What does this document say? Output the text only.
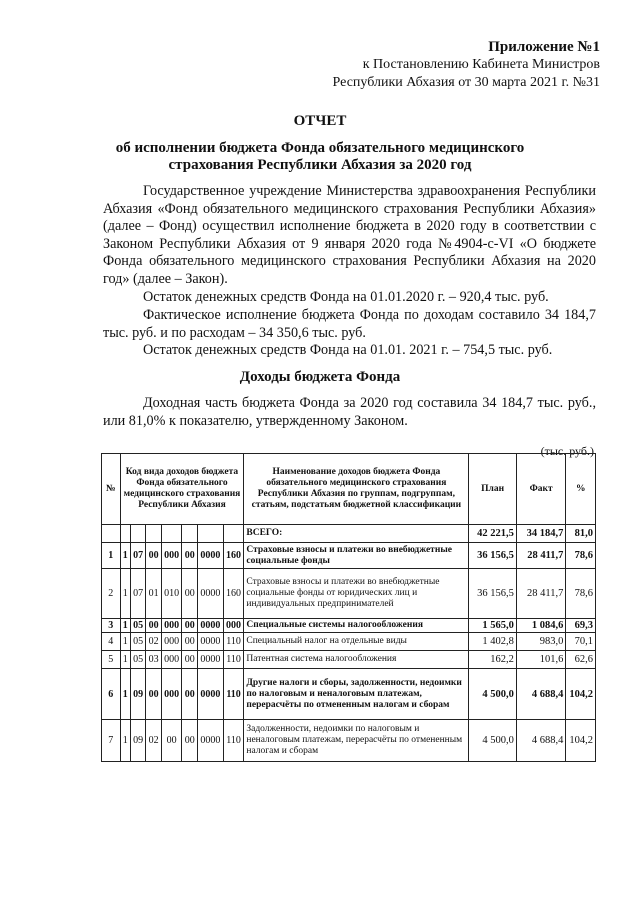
Приложение №1
к Постановлению Кабинета Министров
Республики Абхазия от 30 марта 2021 г. №31
ОТЧЕТ
об исполнении бюджета Фонда обязательного медицинского
страхования Республики Абхазия за 2020 год
Государственное учреждение Министерства здравоохранения Республики Абхазия «Фонд обязательного медицинского страхования Республики Абхазия» (далее – Фонд) осуществил исполнение бюджета в 2020 году в соответствии с Законом Республики Абхазия от 9 января 2020 года №4904-с-VI «О бюджете Фонда обязательного медицинского страхования Республики Абхазия на 2020 год» (далее – Закон).
Остаток денежных средств Фонда на 01.01.2020 г. – 920,4 тыс. руб.
Фактическое исполнение бюджета Фонда по доходам составило 34 184,7 тыс. руб. и по расходам – 34 350,6 тыс. руб.
Остаток денежных средств Фонда на 01.01. 2021 г. – 754,5 тыс. руб.
Доходы бюджета Фонда
Доходная часть бюджета Фонда за 2020 год составила 34 184,7 тыс. руб., или 81,0% к показателю, утвержденному Законом.
(тыс. руб.)
№	Код вида доходов бюджета Фонда обязательного медицинского страхования Республики Абхазия							Наименование доходов бюджета Фонда обязательного медицинского страхования Республики Абхазия по группам, подгруппам, статьям, подстатьям бюджетной классификации	План	Факт	%
								ВСЕГО:	42 221,5	34 184,7	81,0
1	1	07	00	000	00	0000	160	Страховые взносы и платежи во внебюджетные социальные фонды	36 156,5	28 411,7	78,6
2	1	07	01	010	00	0000	160	Страховые взносы и платежи во внебюджетные социальные фонды от юридических лиц и индивидуальных предпринимателей	36 156,5	28 411,7	78,6
3	1	05	00	000	00	0000	000	Специальные системы налогообложения	1 565,0	1 084,6	69,3
4	1	05	02	000	00	0000	110	Специальный налог на отдельные виды	1 402,8	983,0	70,1
5	1	05	03	000	00	0000	110	Патентная система налогообложения	162,2	101,6	62,6
6	1	09	00	000	00	0000	110	Другие налоги и сборы, задолженности, недоимки по налоговым и неналоговым платежам, перерасчёты по отмененным налогам и сборам	4 500,0	4 688,4	104,2
7	1	09	02	00	00	0000	110	Задолженности, недоимки по налоговым и неналоговым платежам, перерасчёты по отмененным налогам и сборам	4 500,0	4 688,4	104,2
